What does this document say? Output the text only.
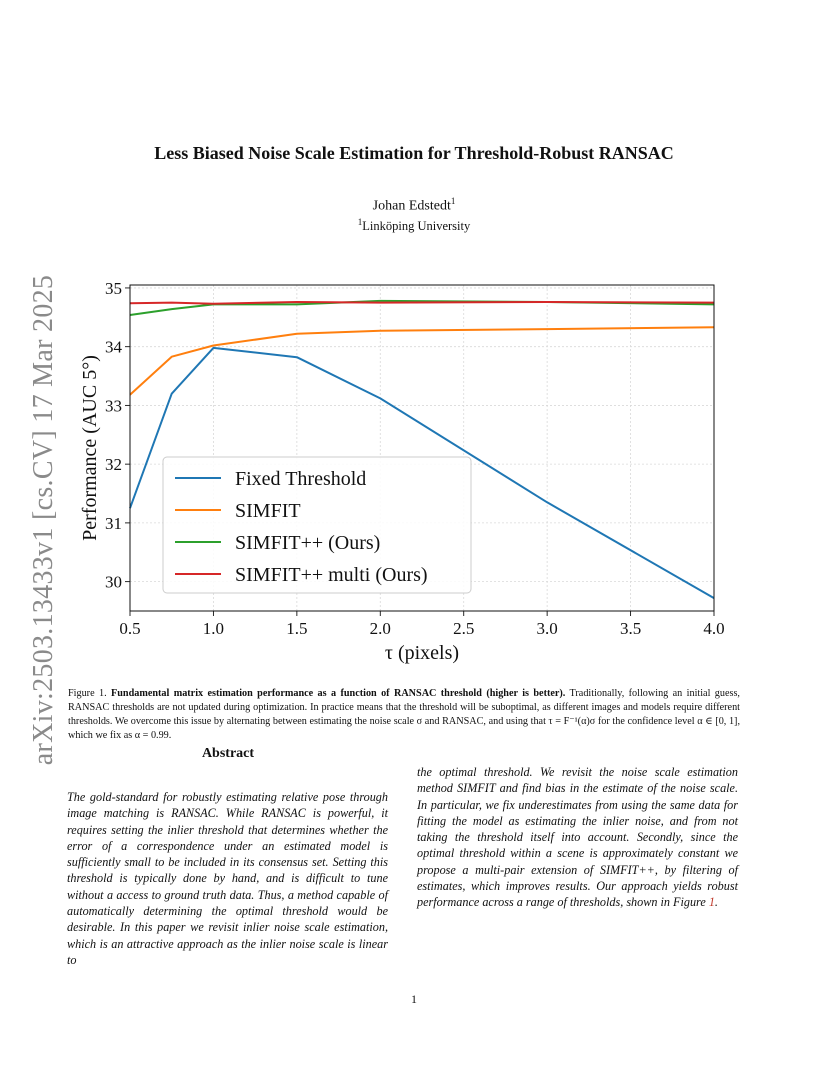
Less Biased Noise Scale Estimation for Threshold-Robust RANSAC
Johan Edstedt$^1$
$^1$Linköping University
arXiv:2503.13433v1 [cs.CV] 17 Mar 2025	0.5	1.0	1.5	2.0	2.5	3.0	3.5	4.0
30
31
32
33
34
35
Fixed Threshold
SIMFIT
SIMFIT++ (Ours)
SIMFIT++ multi (Ours)
τ (pixels)
Performance (AUC 5°)
Figure 1. Fundamental matrix estimation performance as a function of RANSAC threshold (higher is better). Traditionally, following an initial guess, RANSAC thresholds are not updated during optimization. In practice means that the threshold will be suboptimal, as different images and models require different thresholds. We overcome this issue by alternating between estimating the noise scale σ and RANSAC, and using that τ = F⁻¹(α)σ for the confidence level α ∈ [0, 1], which we fix as α = 0.99.
Abstract
The gold-standard for robustly estimating relative pose through image matching is RANSAC. While RANSAC is powerful, it requires setting the inlier threshold that determines whether the error of a correspondence under an estimated model is sufficiently small to be included in its consensus set. Setting this threshold is typically done by hand, and is difficult to tune without a access to ground truth data. Thus, a method capable of automatically determining the optimal threshold would be desirable. In this paper we revisit inlier noise scale estimation, which is an attractive approach as the inlier noise scale is linear to
the optimal threshold. We revisit the noise scale estimation method SIMFIT and find bias in the estimate of the noise scale. In particular, we fix underestimates from using the same data for fitting the model as estimating the inlier noise, and from not taking the threshold itself into account. Secondly, since the optimal threshold within a scene is approximately constant we propose a multi-pair extension of SIMFIT++, by filtering of estimates, which improves results. Our approach yields robust performance across a range of thresholds, shown in Figure 1.
1
